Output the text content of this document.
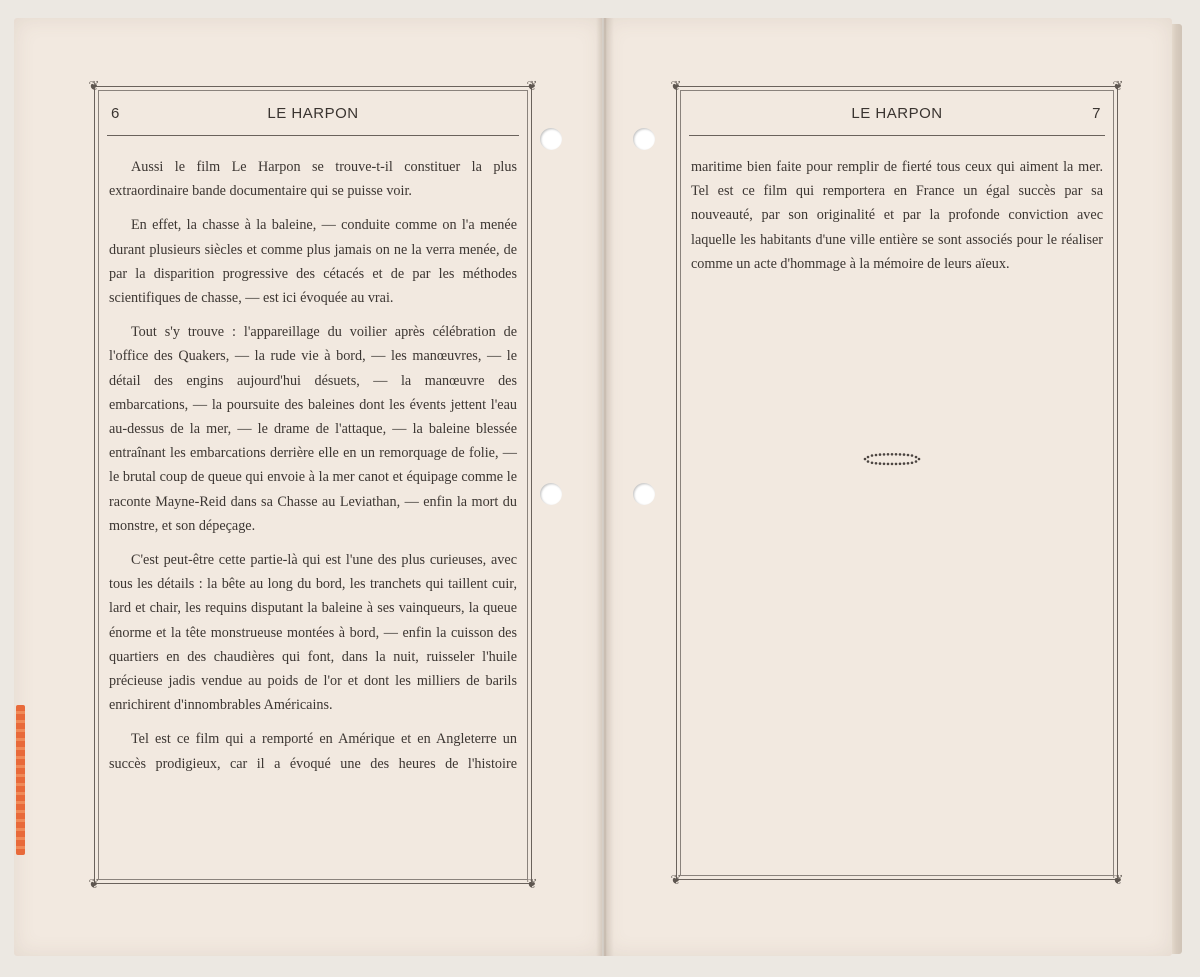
❦	❦
❦	❦
6	LE HARPON

Aussi le film Le Harpon se trouve-t-il constituer la plus extraordinaire bande documentaire qui se puisse voir.

En effet, la chasse à la baleine, — conduite comme on l'a menée durant plusieurs siècles et comme plus jamais on ne la verra menée, de par la disparition progressive des cétacés et de par les méthodes scientifiques de chasse, — est ici évoquée au vrai.

Tout s'y trouve : l'appareillage du voilier après célébration de l'office des Quakers, — la rude vie à bord, — les manœuvres, — le détail des engins aujourd'hui désuets, — la manœuvre des embarcations, — la poursuite des baleines dont les évents jettent l'eau au-dessus de la mer, — le drame de l'attaque, — la baleine blessée entraînant les embarcations derrière elle en un remorquage de folie, — le brutal coup de queue qui envoie à la mer canot et équipage comme le raconte Mayne-Reid dans sa Chasse au Leviathan, — enfin la mort du monstre, et son dépeçage.

C'est peut-être cette partie-là qui est l'une des plus curieuses, avec tous les détails : la bête au long du bord, les tranchets qui taillent cuir, lard et chair, les requins disputant la baleine à ses vainqueurs, la queue énorme et la tête monstrueuse montées à bord, — enfin la cuisson des quartiers en des chaudières qui font, dans la nuit, ruisseler l'huile précieuse jadis vendue au poids de l'or et dont les milliers de barils enrichirent d'innombrables Américains.

Tel est ce film qui a remporté en Amérique et en Angleterre un succès prodigieux, car il a évoqué une des heures de l'histoire

❦	❦
❦	❦
LE HARPON	7

maritime bien faite pour remplir de fierté tous ceux qui aiment la mer. Tel est ce film qui remportera en France un égal succès par sa nouveauté, par son originalité et par la profonde conviction avec laquelle les habitants d'une ville entière se sont associés pour le réaliser comme un acte d'hommage à la mémoire de leurs aïeux.
